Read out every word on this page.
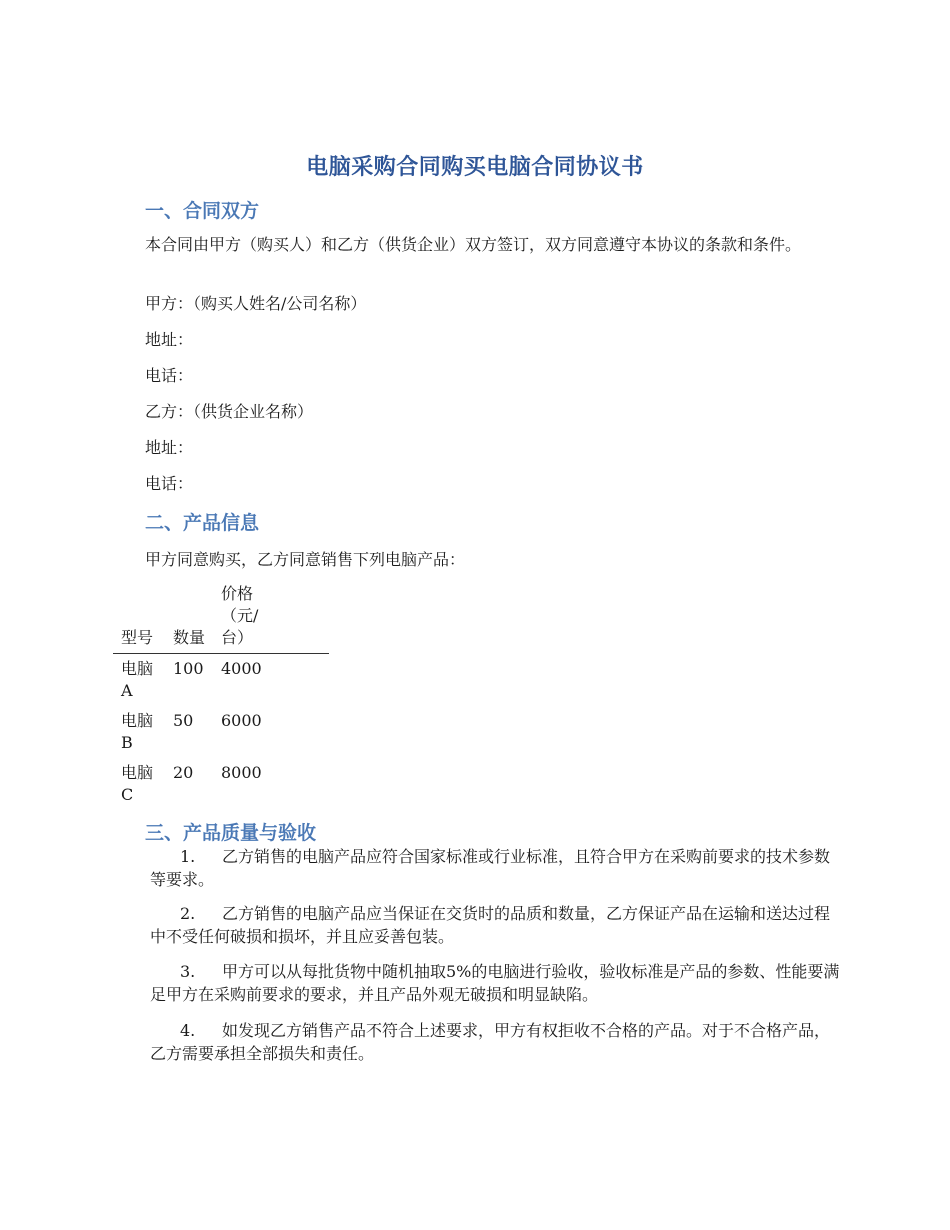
电脑采购合同购买电脑合同协议书
一、合同双方
本合同由甲方（购买人）和乙方（供货企业）双方签订，双方同意遵守本协议的条款和条件。
甲方：（购买人姓名/公司名称）
地址：
电话：
乙方：（供货企业名称）
地址：
电话：
二、产品信息
甲方同意购买，乙方同意销售下列电脑产品：
型号	数量	价格（元/台）	
电脑A	100	4000	
电脑B	50	6000	
电脑C	20	8000	
三、产品质量与验收
1. 乙方销售的电脑产品应符合国家标准或行业标准，且符合甲方在采购前要求的技术参数等要求。
2. 乙方销售的电脑产品应当保证在交货时的品质和数量，乙方保证产品在运输和送达过程中不受任何破损和损坏，并且应妥善包装。
3. 甲方可以从每批货物中随机抽取5%的电脑进行验收，验收标准是产品的参数、性能要满足甲方在采购前要求的要求，并且产品外观无破损和明显缺陷。
4. 如发现乙方销售产品不符合上述要求，甲方有权拒收不合格的产品。对于不合格产品，乙方需要承担全部损失和责任。
